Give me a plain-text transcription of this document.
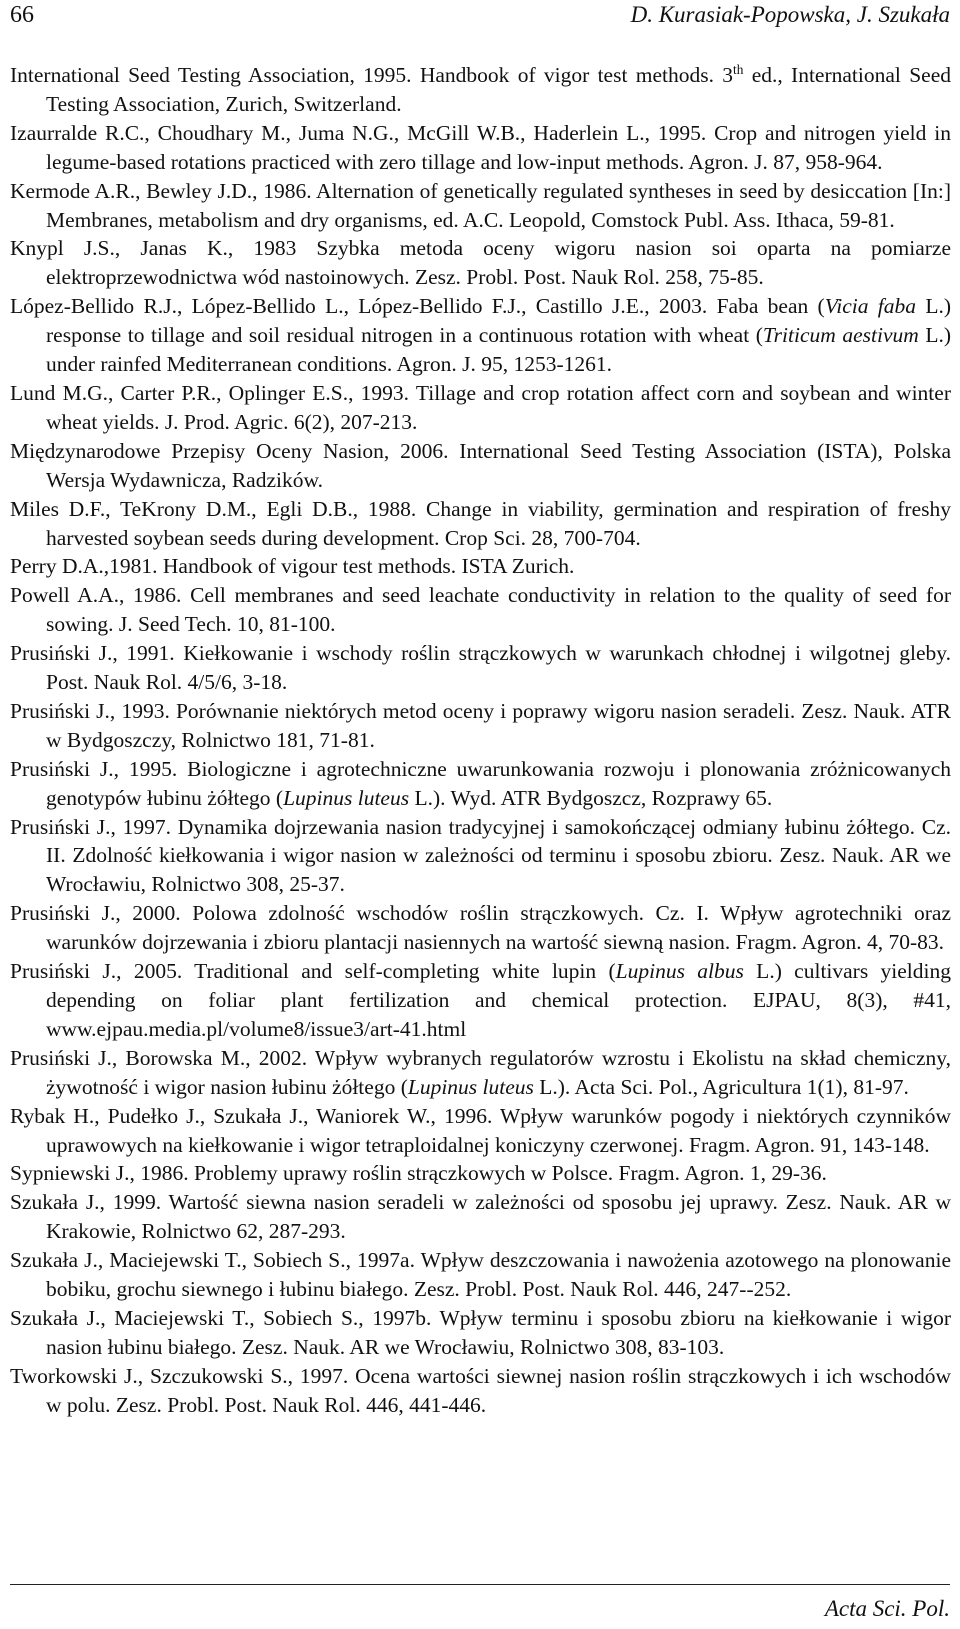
66	D. Kurasiak-Popowska, J. Szukała

International Seed Testing Association, 1995. Handbook of vigor test methods. 3th ed., International Seed Testing Association, Zurich, Switzerland.

Izaurralde R.C., Choudhary M., Juma N.G., McGill W.B., Haderlein L., 1995. Crop and nitrogen yield in legume-based rotations practiced with zero tillage and low-input methods. Agron. J. 87, 958-964.

Kermode A.R., Bewley J.D., 1986. Alternation of genetically regulated syntheses in seed by desiccation [In:] Membranes, metabolism and dry organisms, ed. A.C. Leopold, Comstock Publ. Ass. Ithaca, 59-81.

Knypl J.S., Janas K., 1983 Szybka metoda oceny wigoru nasion soi oparta na pomiarze elektroprzewodnictwa wód nastoinowych. Zesz. Probl. Post. Nauk Rol. 258, 75-85.

López-Bellido R.J., López-Bellido L., López-Bellido F.J., Castillo J.E., 2003. Faba bean (Vicia faba L.) response to tillage and soil residual nitrogen in a continuous rotation with wheat (Triticum aestivum L.) under rainfed Mediterranean conditions. Agron. J. 95, 1253-1261.

Lund M.G., Carter P.R., Oplinger E.S., 1993. Tillage and crop rotation affect corn and soybean and winter wheat yields. J. Prod. Agric. 6(2), 207-213.

Międzynarodowe Przepisy Oceny Nasion, 2006. International Seed Testing Association (ISTA), Polska Wersja Wydawnicza, Radzików.

Miles D.F., TeKrony D.M., Egli D.B., 1988. Change in viability, germination and respiration of freshy harvested soybean seeds during development. Crop Sci. 28, 700-704.

Perry D.A.,1981. Handbook of vigour test methods. ISTA Zurich.

Powell A.A., 1986. Cell membranes and seed leachate conductivity in relation to the quality of seed for sowing. J. Seed Tech. 10, 81-100.

Prusiński J., 1991. Kiełkowanie i wschody roślin strączkowych w warunkach chłodnej i wilgotnej gleby. Post. Nauk Rol. 4/5/6, 3-18.

Prusiński J., 1993. Porównanie niektórych metod oceny i poprawy wigoru nasion seradeli. Zesz. Nauk. ATR w Bydgoszczy, Rolnictwo 181, 71-81.

Prusiński J., 1995. Biologiczne i agrotechniczne uwarunkowania rozwoju i plonowania zróżnicowanych genotypów łubinu żółtego (Lupinus luteus L.). Wyd. ATR Bydgoszcz, Rozprawy 65.

Prusiński J., 1997. Dynamika dojrzewania nasion tradycyjnej i samokończącej odmiany łubinu żółtego. Cz. II. Zdolność kiełkowania i wigor nasion w zależności od terminu i sposobu zbioru. Zesz. Nauk. AR we Wrocławiu, Rolnictwo 308, 25-37.

Prusiński J., 2000. Polowa zdolność wschodów roślin strączkowych. Cz. I. Wpływ agrotechniki oraz warunków dojrzewania i zbioru plantacji nasiennych na wartość siewną nasion. Fragm. Agron. 4, 70-83.

Prusiński J., 2005. Traditional and self-completing white lupin (Lupinus albus L.) cultivars yielding depending on foliar plant fertilization and chemical protection. EJPAU, 8(3), #41, www.ejpau.media.pl/volume8/issue3/art-41.html

Prusiński J., Borowska M., 2002. Wpływ wybranych regulatorów wzrostu i Ekolistu na skład chemiczny, żywotność i wigor nasion łubinu żółtego (Lupinus luteus L.). Acta Sci. Pol., Agricultura 1(1), 81-97.

Rybak H., Pudełko J., Szukała J., Waniorek W., 1996. Wpływ warunków pogody i niektórych czynników uprawowych na kiełkowanie i wigor tetraploidalnej koniczyny czerwonej. Fragm. Agron. 91, 143-148.

Sypniewski J., 1986. Problemy uprawy roślin strączkowych w Polsce. Fragm. Agron. 1, 29-36.

Szukała J., 1999. Wartość siewna nasion seradeli w zależności od sposobu jej uprawy. Zesz. Nauk. AR w Krakowie, Rolnictwo 62, 287-293.

Szukała J., Maciejewski T., Sobiech S., 1997a. Wpływ deszczowania i nawożenia azotowego na plonowanie bobiku, grochu siewnego i łubinu białego. Zesz. Probl. Post. Nauk Rol. 446, 247--252.

Szukała J., Maciejewski T., Sobiech S., 1997b. Wpływ terminu i sposobu zbioru na kiełkowanie i wigor nasion łubinu białego. Zesz. Nauk. AR we Wrocławiu, Rolnictwo 308, 83-103.

Tworkowski J., Szczukowski S., 1997. Ocena wartości siewnej nasion roślin strączkowych i ich wschodów w polu. Zesz. Probl. Post. Nauk Rol. 446, 441-446.

Acta Sci. Pol.
